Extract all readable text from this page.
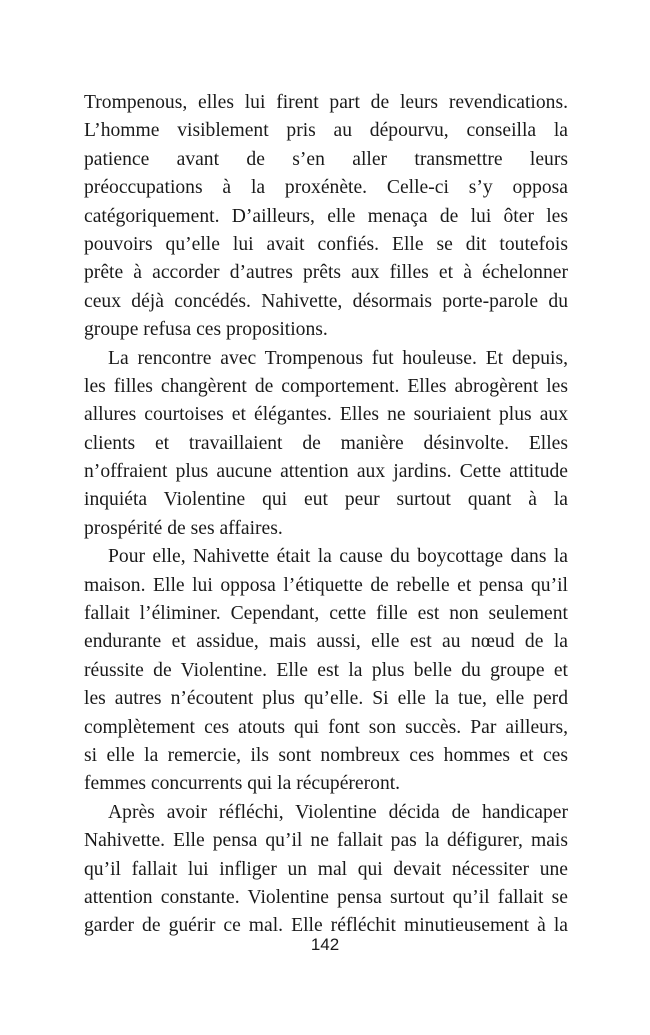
Trompenous, elles lui firent part de leurs revendications.
L’homme visiblement pris au dépourvu, conseilla la
patience avant de s’en aller transmettre leurs
préoccupations à la proxénète. Celle-ci s’y opposa
catégoriquement. D’ailleurs, elle menaça de lui ôter les
pouvoirs qu’elle lui avait confiés. Elle se dit toutefois
prête à accorder d’autres prêts aux filles et à échelonner
ceux déjà concédés. Nahivette, désormais porte-parole du
groupe refusa ces propositions.

La rencontre avec Trompenous fut houleuse. Et depuis,
les filles changèrent de comportement. Elles abrogèrent les
allures courtoises et élégantes. Elles ne souriaient plus aux
clients et travaillaient de manière désinvolte. Elles
n’offraient plus aucune attention aux jardins. Cette attitude
inquiéta Violentine qui eut peur surtout quant à la
prospérité de ses affaires.

Pour elle, Nahivette était la cause du boycottage dans la
maison. Elle lui opposa l’étiquette de rebelle et pensa qu’il
fallait l’éliminer. Cependant, cette fille est non seulement
endurante et assidue, mais aussi, elle est au nœud de la
réussite de Violentine. Elle est la plus belle du groupe et
les autres n’écoutent plus qu’elle. Si elle la tue, elle perd
complètement ces atouts qui font son succès. Par ailleurs,
si elle la remercie, ils sont nombreux ces hommes et ces
femmes concurrents qui la récupéreront.

Après avoir réfléchi, Violentine décida de handicaper
Nahivette. Elle pensa qu’il ne fallait pas la défigurer, mais
qu’il fallait lui infliger un mal qui devait nécessiter une
attention constante. Violentine pensa surtout qu’il fallait se
garder de guérir ce mal. Elle réfléchit minutieusement à la

142
